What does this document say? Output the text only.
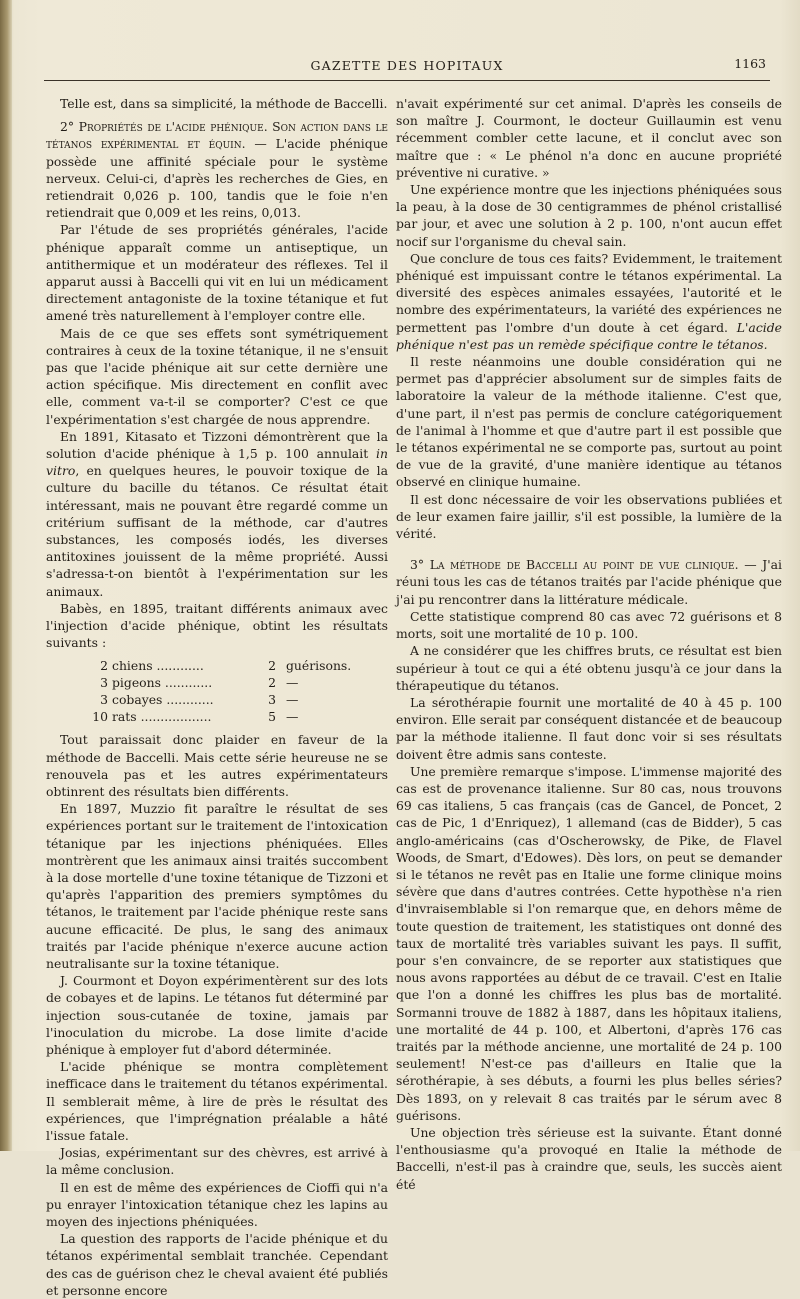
GAZETTE DES HOPITAUX	1163

Telle est, dans sa simplicité, la méthode de Baccelli.

2° Propriétés de l'acide phénique. Son action dans le tétanos expérimental et équin. — L'acide phénique possède une affinité spéciale pour le système nerveux. Celui-ci, d'après les recherches de Gies, en retiendrait 0,026 p. 100, tandis que le foie n'en retiendrait que 0,009 et les reins, 0,013.

Par l'étude de ses propriétés générales, l'acide phénique apparaît comme un antiseptique, un antithermique et un modérateur des réflexes. Tel il apparut aussi à Baccelli qui vit en lui un médicament directement antagoniste de la toxine tétanique et fut amené très naturellement à l'employer contre elle.

Mais de ce que ses effets sont symétriquement contraires à ceux de la toxine tétanique, il ne s'ensuit pas que l'acide phénique ait sur cette dernière une action spécifique. Mis directement en conflit avec elle, comment va-t-il se comporter? C'est ce que l'expérimentation s'est chargée de nous apprendre.

En 1891, Kitasato et Tizzoni démontrèrent que la solution d'acide phénique à 1,5 p. 100 annulait in vitro, en quelques heures, le pouvoir toxique de la culture du bacille du tétanos. Ce résultat était intéressant, mais ne pouvant être regardé comme un critérium suffisant de la méthode, car d'autres substances, les composés iodés, les diverses antitoxines jouissent de la même propriété. Aussi s'adressa-t-on bientôt à l'expérimentation sur les animaux.

Babès, en 1895, traitant différents animaux avec l'injection d'acide phénique, obtint les résultats suivants :

2	chiens ............	2	guérisons.
3	pigeons ............	2	—
3	cobayes ............	3	—
10	rats ..................	5	—

Tout paraissait donc plaider en faveur de la méthode de Baccelli. Mais cette série heureuse ne se renouvela pas et les autres expérimentateurs obtinrent des résultats bien différents.

En 1897, Muzzio fit paraître le résultat de ses expériences portant sur le traitement de l'intoxication tétanique par les injections phéniquées. Elles montrèrent que les animaux ainsi traités succombent à la dose mortelle d'une toxine tétanique de Tizzoni et qu'après l'apparition des premiers symptômes du tétanos, le traitement par l'acide phénique reste sans aucune efficacité. De plus, le sang des animaux traités par l'acide phénique n'exerce aucune action neutralisante sur la toxine tétanique.

J. Courmont et Doyon expérimentèrent sur des lots de cobayes et de lapins. Le tétanos fut déterminé par injection sous-cutanée de toxine, jamais par l'inoculation du microbe. La dose limite d'acide phénique à employer fut d'abord déterminée.

L'acide phénique se montra complètement inefficace dans le traitement du tétanos expérimental. Il semblerait même, à lire de près le résultat des expériences, que l'imprégnation préalable a hâté l'issue fatale.

Josias, expérimentant sur des chèvres, est arrivé à la même conclusion.

Il en est de même des expériences de Cioffi qui n'a pu enrayer l'intoxication tétanique chez les lapins au moyen des injections phéniquées.

La question des rapports de l'acide phénique et du tétanos expérimental semblait tranchée. Cependant des cas de guérison chez le cheval avaient été publiés et personne encore

n'avait expérimenté sur cet animal. D'après les conseils de son maître J. Courmont, le docteur Guillaumin est venu récemment combler cette lacune, et il conclut avec son maître que : « Le phénol n'a donc en aucune propriété préventive ni curative. »

Une expérience montre que les injections phéniquées sous la peau, à la dose de 30 centigrammes de phénol cristallisé par jour, et avec une solution à 2 p. 100, n'ont aucun effet nocif sur l'organisme du cheval sain.

Que conclure de tous ces faits? Evidemment, le traitement phéniqué est impuissant contre le tétanos expérimental. La diversité des espèces animales essayées, l'autorité et le nombre des expérimentateurs, la variété des expériences ne permettent pas l'ombre d'un doute à cet égard. L'acide phénique n'est pas un remède spécifique contre le tétanos.

Il reste néanmoins une double considération qui ne permet pas d'apprécier absolument sur de simples faits de laboratoire la valeur de la méthode italienne. C'est que, d'une part, il n'est pas permis de conclure catégoriquement de l'animal à l'homme et que d'autre part il est possible que le tétanos expérimental ne se comporte pas, surtout au point de vue de la gravité, d'une manière identique au tétanos observé en clinique humaine.

Il est donc nécessaire de voir les observations publiées et de leur examen faire jaillir, s'il est possible, la lumière de la vérité.

3° La méthode de Baccelli au point de vue clinique. — J'ai réuni tous les cas de tétanos traités par l'acide phénique que j'ai pu rencontrer dans la littérature médicale.

Cette statistique comprend 80 cas avec 72 guérisons et 8 morts, soit une mortalité de 10 p. 100.

A ne considérer que les chiffres bruts, ce résultat est bien supérieur à tout ce qui a été obtenu jusqu'à ce jour dans la thérapeutique du tétanos.

La sérothérapie fournit une mortalité de 40 à 45 p. 100 environ. Elle serait par conséquent distancée et de beaucoup par la méthode italienne. Il faut donc voir si ses résultats doivent être admis sans conteste.

Une première remarque s'impose. L'immense majorité des cas est de provenance italienne. Sur 80 cas, nous trouvons 69 cas italiens, 5 cas français (cas de Gancel, de Poncet, 2 cas de Pic, 1 d'Enriquez), 1 allemand (cas de Bidder), 5 cas anglo-américains (cas d'Oscherowsky, de Pike, de Flavel Woods, de Smart, d'Edowes). Dès lors, on peut se demander si le tétanos ne revêt pas en Italie une forme clinique moins sévère que dans d'autres contrées. Cette hypothèse n'a rien d'invraisemblable si l'on remarque que, en dehors même de toute question de traitement, les statistiques ont donné des taux de mortalité très variables suivant les pays. Il suffit, pour s'en convaincre, de se reporter aux statistiques que nous avons rapportées au début de ce travail. C'est en Italie que l'on a donné les chiffres les plus bas de mortalité. Sormanni trouve de 1882 à 1887, dans les hôpitaux italiens, une mortalité de 44 p. 100, et Albertoni, d'après 176 cas traités par la méthode ancienne, une mortalité de 24 p. 100 seulement! N'est-ce pas d'ailleurs en Italie que la sérothérapie, à ses débuts, a fourni les plus belles séries? Dès 1893, on y relevait 8 cas traités par le sérum avec 8 guérisons.

Une objection très sérieuse est la suivante. Étant donné l'enthousiasme qu'a provoqué en Italie la méthode de Baccelli, n'est-il pas à craindre que, seuls, les succès aient été
